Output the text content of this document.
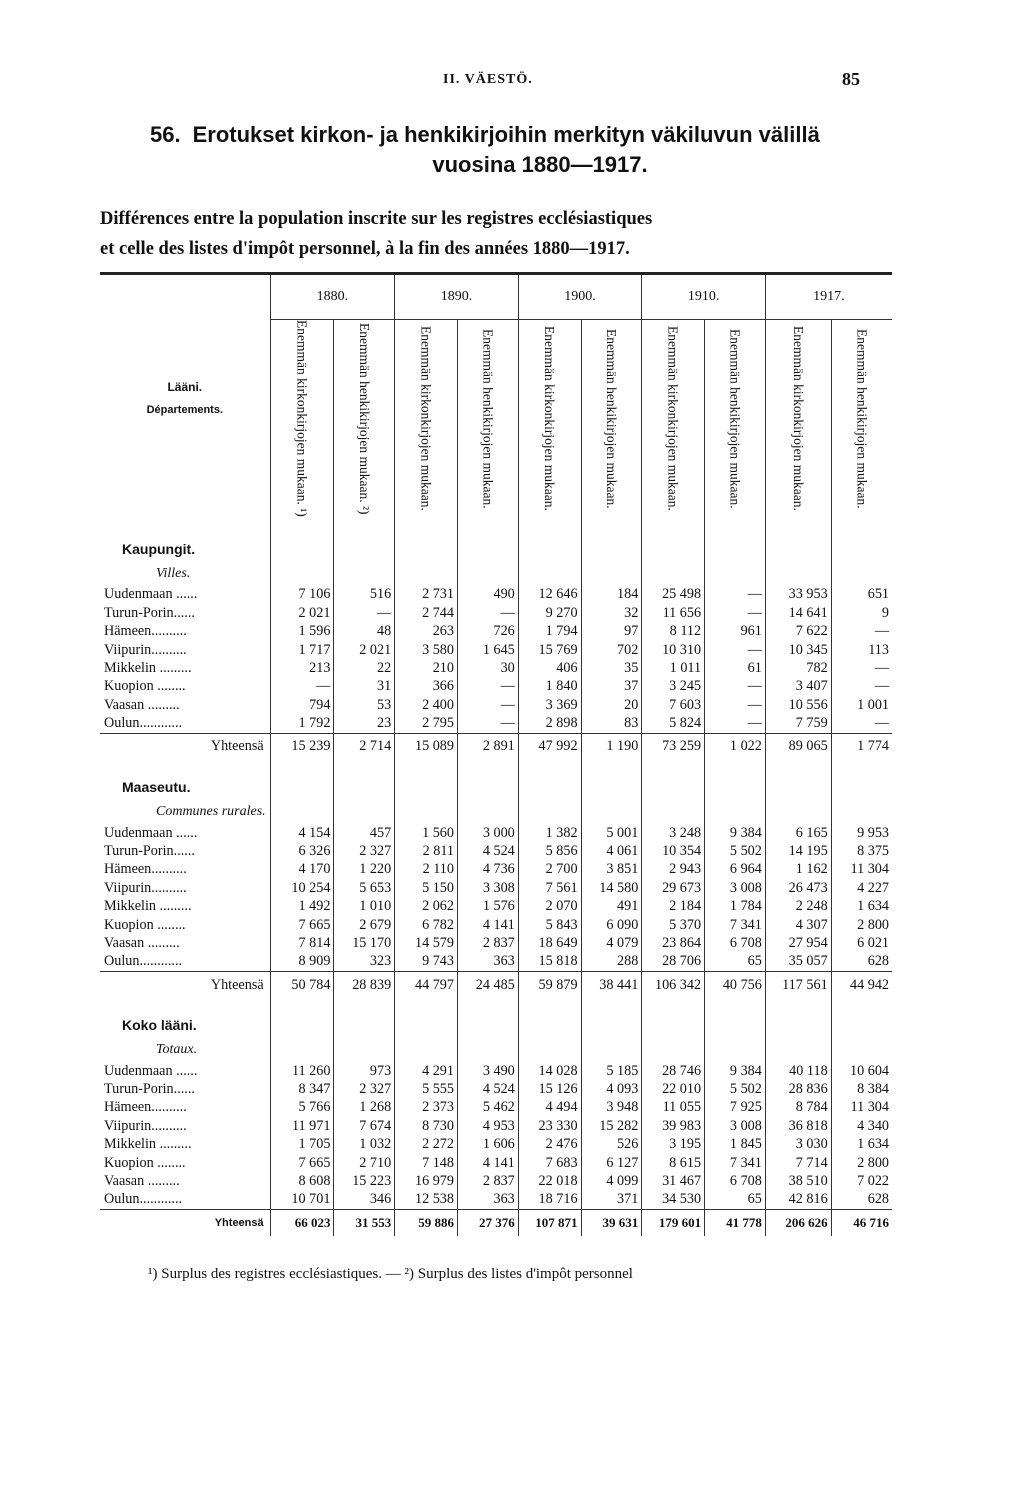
II. VÄESTÖ.	85
56. Erotukset kirkon- ja henkikirjoihin merkityn väkiluvun välillä
vuosina 1880—1917.
Différences entre la population inscrite sur les registres ecclésiastiques
et celle des listes d'impôt personnel, à la fin des années 1880—1917.
Lääni.
Départements.	1880.		1890.		1900.		1910.		1917.	
	Enemmän kirkonkirjojen mukaan. ¹)	Enemmän henkikirjojen mukaan. ²)	Enemmän kirkonkirjojen mukaan.	Enemmän henkikirjojen mukaan.	Enemmän kirkonkirjojen mukaan.	Enemmän henkikirjojen mukaan.	Enemmän kirkonkirjojen mukaan.	Enemmän henkikirjojen mukaan.	Enemmän kirkonkirjojen mukaan.	Enemmän henkikirjojen mukaan.

Kaupungit.										
Villes.										
Uudenmaan ......	7 106	516	2 731	490	12 646	184	25 498	—	33 953	651
Turun-Porin......	2 021	—	2 744	—	9 270	32	11 656	—	14 641	9
Hämeen..........	1 596	48	263	726	1 794	97	8 112	961	7 622	—
Viipurin..........	1 717	2 021	3 580	1 645	15 769	702	10 310	—	10 345	113
Mikkelin .........	213	22	210	30	406	35	1 011	61	782	—
Kuopion ........	—	31	366	—	1 840	37	3 245	—	3 407	—
Vaasan .........	794	53	2 400	—	3 369	20	7 603	—	10 556	1 001
Oulun............	1 792	23	2 795	—	2 898	83	5 824	—	7 759	—
Yhteensä	15 239	2 714	15 089	2 891	47 992	1 190	73 259	1 022	89 065	1 774

Maaseutu.										
Communes rurales.										
Uudenmaan ......	4 154	457	1 560	3 000	1 382	5 001	3 248	9 384	6 165	9 953
Turun-Porin......	6 326	2 327	2 811	4 524	5 856	4 061	10 354	5 502	14 195	8 375
Hämeen..........	4 170	1 220	2 110	4 736	2 700	3 851	2 943	6 964	1 162	11 304
Viipurin..........	10 254	5 653	5 150	3 308	7 561	14 580	29 673	3 008	26 473	4 227
Mikkelin .........	1 492	1 010	2 062	1 576	2 070	491	2 184	1 784	2 248	1 634
Kuopion ........	7 665	2 679	6 782	4 141	5 843	6 090	5 370	7 341	4 307	2 800
Vaasan .........	7 814	15 170	14 579	2 837	18 649	4 079	23 864	6 708	27 954	6 021
Oulun............	8 909	323	9 743	363	15 818	288	28 706	65	35 057	628
Yhteensä	50 784	28 839	44 797	24 485	59 879	38 441	106 342	40 756	117 561	44 942

Koko lääni.										
Totaux.										
Uudenmaan ......	11 260	973	4 291	3 490	14 028	5 185	28 746	9 384	40 118	10 604
Turun-Porin......	8 347	2 327	5 555	4 524	15 126	4 093	22 010	5 502	28 836	8 384
Hämeen..........	5 766	1 268	2 373	5 462	4 494	3 948	11 055	7 925	8 784	11 304
Viipurin..........	11 971	7 674	8 730	4 953	23 330	15 282	39 983	3 008	36 818	4 340
Mikkelin .........	1 705	1 032	2 272	1 606	2 476	526	3 195	1 845	3 030	1 634
Kuopion ........	7 665	2 710	7 148	4 141	7 683	6 127	8 615	7 341	7 714	2 800
Vaasan .........	8 608	15 223	16 979	2 837	22 018	4 099	31 467	6 708	38 510	7 022
Oulun............	10 701	346	12 538	363	18 716	371	34 530	65	42 816	628
Yhteensä	66 023	31 553	59 886	27 376	107 871	39 631	179 601	41 778	206 626	46 716
¹) Surplus des registres ecclésiastiques. — ²) Surplus des listes d'impôt personnel
